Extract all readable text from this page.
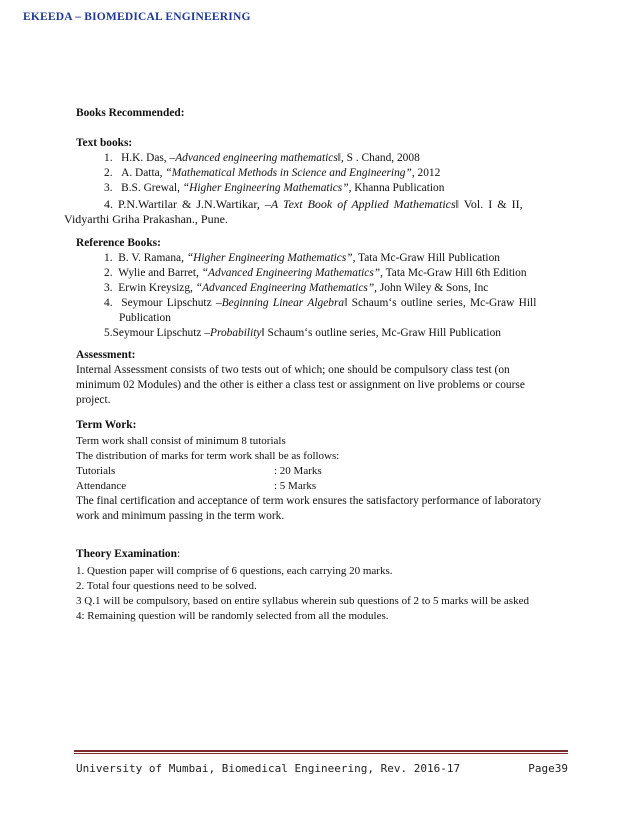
EKEEDA – BIOMEDICAL ENGINEERING
Books Recommended:
Text books:
1. H.K. Das, –Advanced engineering mathematics‖, S . Chand, 2008
2. A. Datta, “Mathematical Methods in Science and Engineering”, 2012
3. B.S. Grewal, “Higher Engineering Mathematics”, Khanna Publication
4. P.N.Wartilar & J.N.Wartikar, –A Text Book of Applied Mathematics‖ Vol. I & II,
Vidyarthi Griha Prakashan., Pune.
Reference Books:
1. B. V. Ramana, “Higher Engineering Mathematics”, Tata Mc-Graw Hill Publication
2. Wylie and Barret, “Advanced Engineering Mathematics”, Tata Mc-Graw Hill 6th Edition
3. Erwin Kreysizg, “Advanced Engineering Mathematics”, John Wiley & Sons, Inc
4. Seymour Lipschutz –Beginning Linear Algebra‖ Schaum‘s outline series, Mc-Graw Hill
Publication
5.Seymour Lipschutz –Probability‖ Schaum‘s outline series, Mc-Graw Hill Publication
Assessment:
Internal Assessment consists of two tests out of which; one should be compulsory class test (on
minimum 02 Modules) and the other is either a class test or assignment on live problems or course
project.
Term Work:
Term work shall consist of minimum 8 tutorials
The distribution of marks for term work shall be as follows:
Tutorials	: 20 Marks
Attendance	: 5 Marks
The final certification and acceptance of term work ensures the satisfactory performance of laboratory
work and minimum passing in the term work.
Theory Examination:
1. Question paper will comprise of 6 questions, each carrying 20 marks.
2. Total four questions need to be solved.
3 Q.1 will be compulsory, based on entire syllabus wherein sub questions of 2 to 5 marks will be asked
4: Remaining question will be randomly selected from all the modules.
University of Mumbai, Biomedical Engineering, Rev. 2016-17	Page39
